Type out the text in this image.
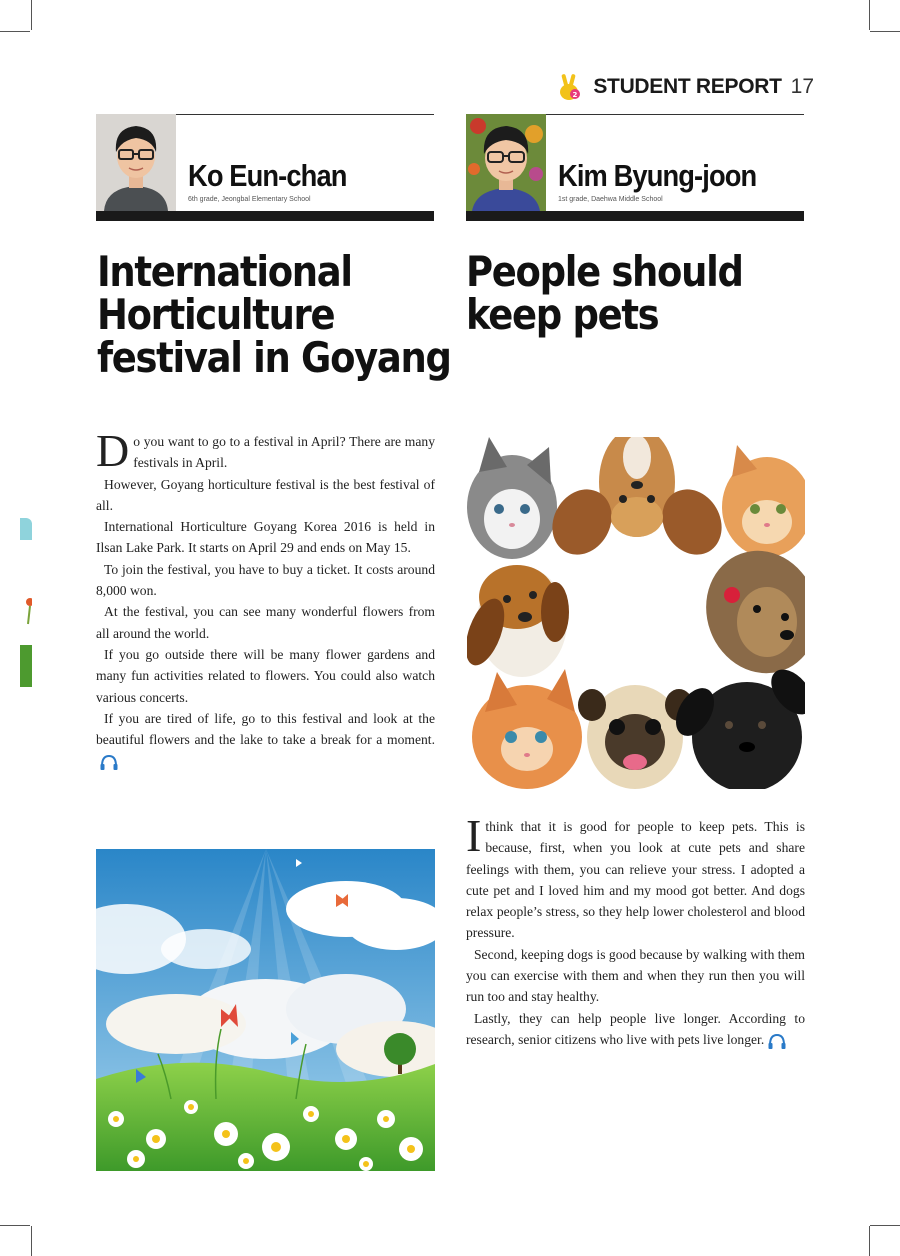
2 STUDENT REPORT 17
Ko Eun-chan
6th grade, Jeongbal Elementary School
Kim Byung-joon
1st grade, Daehwa Middle School
International
Horticulture
festival in Goyang
People should
keep pets

Do you want to go to a festival in April? There are many festivals in April.

However, Goyang horticulture festival is the best festival of all.

International Horticulture Goyang Korea 2016 is held in Ilsan Lake Park. It starts on April 29 and ends on May 15.

To join the festival, you have to buy a ticket. It costs around 8,000 won.

At the festival, you can see many wonderful flowers from all around the world.

If you go outside there will be many flower gardens and many fun activities related to flowers. You could also watch various concerts.

If you are tired of life, go to this festival and look at the beautiful flowers and the lake to take a break for a moment.

Ithink that it is good for people to keep pets. This is because, first, when you look at cute pets and share feelings with them, you can relieve your stress. I adopted a cute pet and I loved him and my mood got better. And dogs relax people’s stress, so they help lower cholesterol and blood pressure.

Second, keeping dogs is good because by walking with them you can exercise with them and when they run then you will run too and stay healthy.

Lastly, they can help people live longer. According to research, senior citizens who live with pets live longer.
